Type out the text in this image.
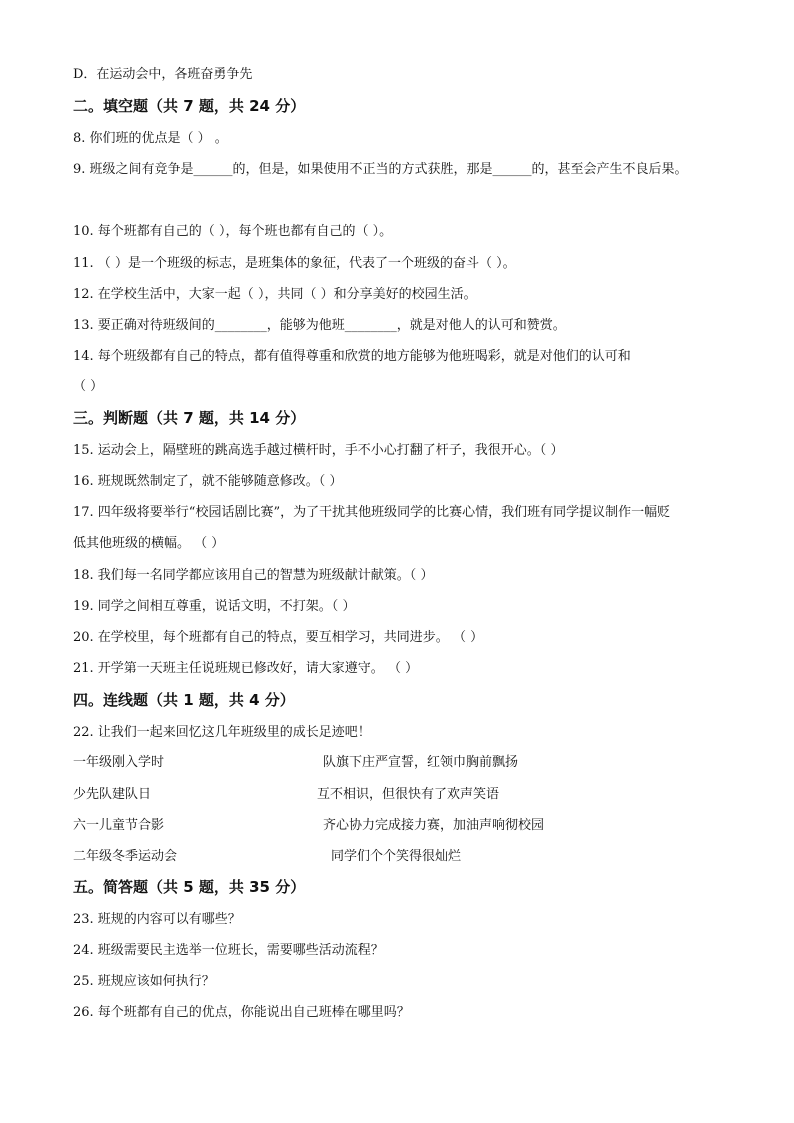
D．在运动会中，各班奋勇争先
二。填空题（共 7 题，共 24 分）
8. 你们班的优点是（ ） 。
9. 班级之间有竞争是______的，但是，如果使用不正当的方式获胜，那是______的，甚至会产生不良后果。
10. 每个班都有自己的（ ），每个班也都有自己的（ ）。
11. （ ）是一个班级的标志，是班集体的象征，代表了一个班级的奋斗（ ）。
12. 在学校生活中，大家一起（ ），共同（ ）和分享美好的校园生活。
13. 要正确对待班级间的________，能够为他班________，就是对他人的认可和赞赏。
14. 每个班级都有自己的特点，都有值得尊重和欣赏的地方能够为他班喝彩，就是对他们的认可和
（ ）
三。判断题（共 7 题，共 14 分）
15. 运动会上，隔壁班的跳高选手越过横杆时，手不小心打翻了杆子，我很开心。（ ）
16. 班规既然制定了，就不能够随意修改。（ ）
17. 四年级将要举行“校园话剧比赛”，为了干扰其他班级同学的比赛心情，我们班有同学提议制作一幅贬
低其他班级的横幅。 （ ）
18. 我们每一名同学都应该用自己的智慧为班级献计献策。（ ）
19. 同学之间相互尊重，说话文明，不打架。（ ）
20. 在学校里，每个班都有自己的特点，要互相学习，共同进步。 （ ）
21. 开学第一天班主任说班规已修改好，请大家遵守。 （ ）
四。连线题（共 1 题，共 4 分）
22. 让我们一起来回忆这几年班级里的成长足迹吧！
一年级刚入学时	队旗下庄严宣誓，红领巾胸前飘扬
少先队建队日	互不相识，但很快有了欢声笑语
六一儿童节合影	齐心协力完成接力赛，加油声响彻校园
二年级冬季运动会	同学们个个笑得很灿烂
五。简答题（共 5 题，共 35 分）
23. 班规的内容可以有哪些？
24. 班级需要民主选举一位班长，需要哪些活动流程？
25. 班规应该如何执行？
26. 每个班都有自己的优点，你能说出自己班棒在哪里吗？
